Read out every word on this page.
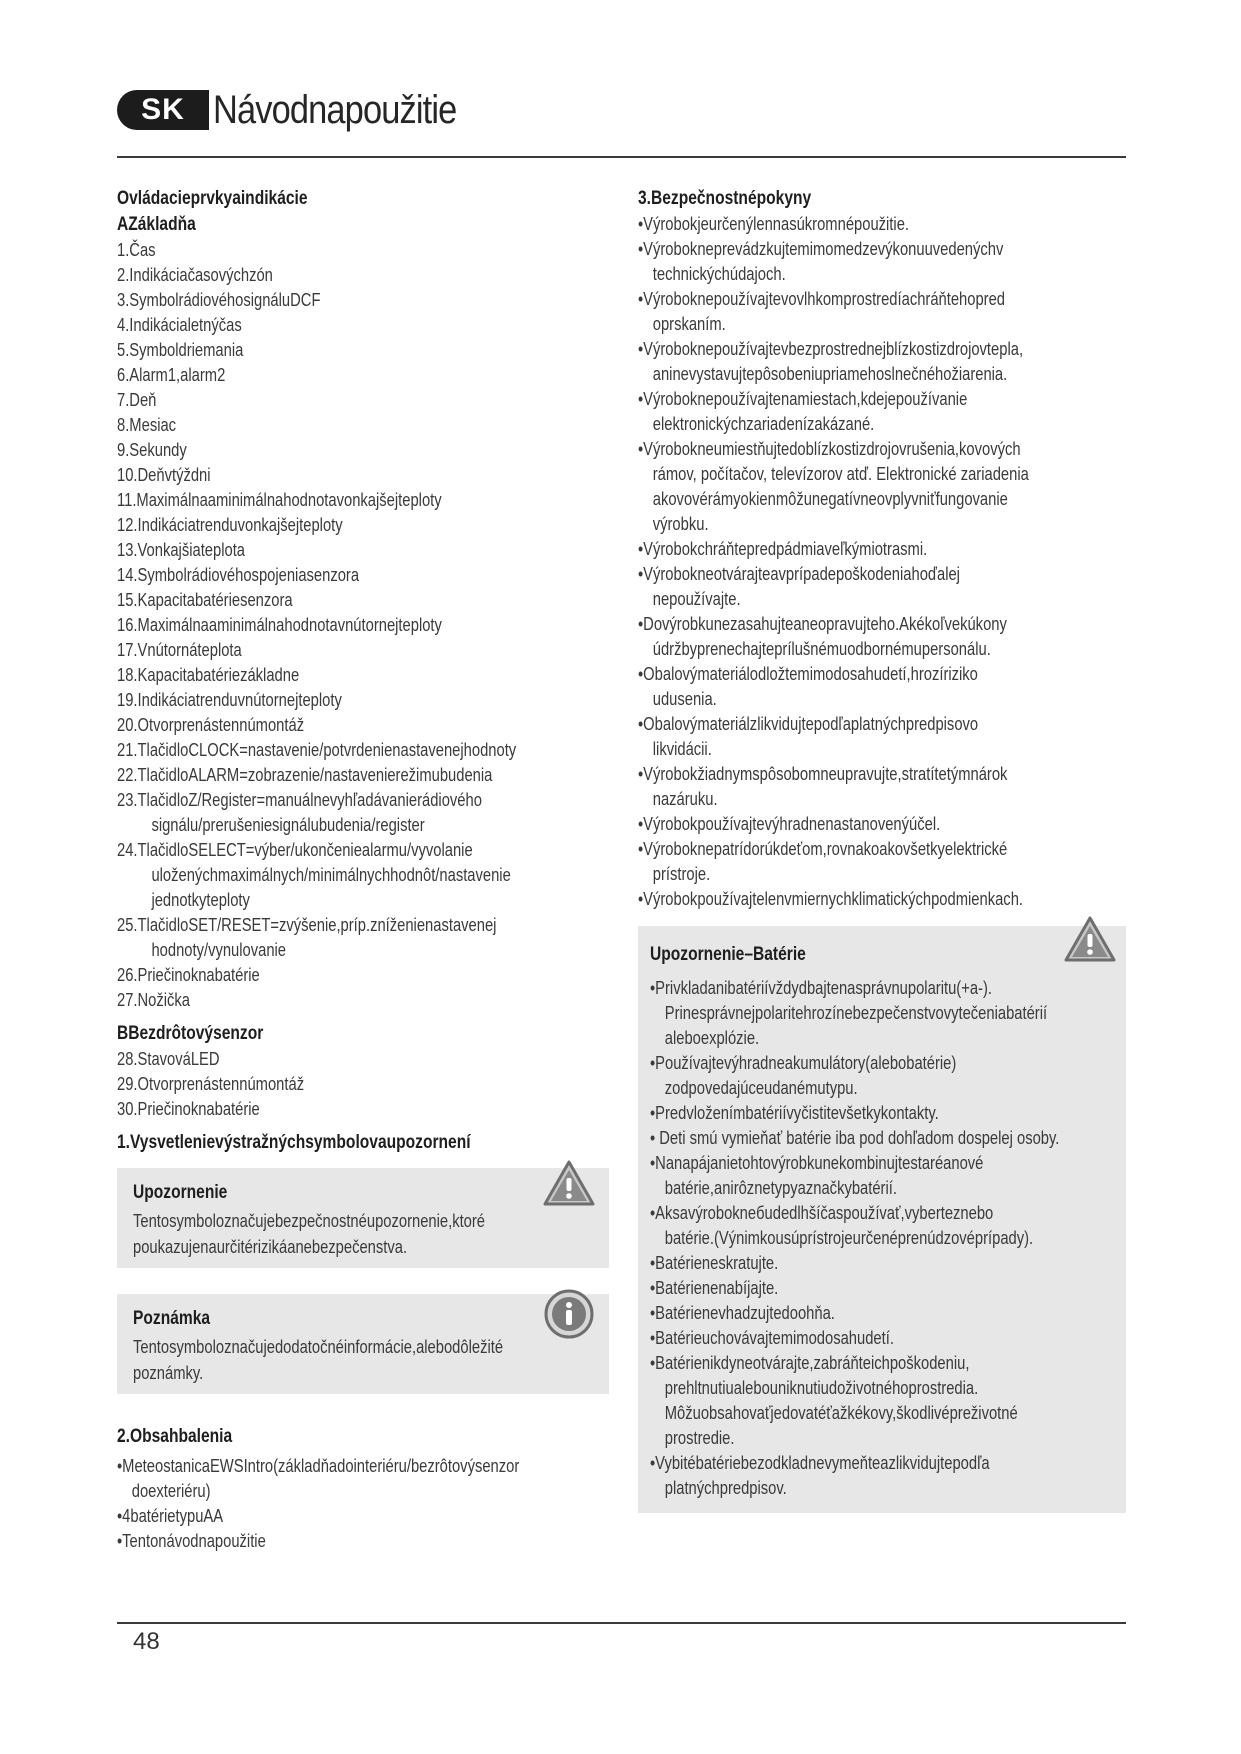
SK Návodnapoužitie
Ovládacieprvkyaindikácie
AZákladňa
1.Čas
2.Indikáciačasovýchzón
3.SymbolrádiovéhosignáluDCF
4.Indikácialetnýčas
5.Symboldriemania
6.Alarm1,alarm2
7.Deň
8.Mesiac
9.Sekundy
10.Deňvtýždni
11.Maximálnaaminimálnahodnotavonkajšejteploty
12.Indikáciatrenduvonkajšejteploty
13.Vonkajšiateplota
14.Symbolrádiovéhospojeniasenzora
15.Kapacitabatériesenzora
16.Maximálnaaminimálnahodnotavnútornejteploty
17.Vnútornáteplota
18.Kapacitabatériezákladne
19.Indikáciatrenduvnútornejteploty
20.Otvorprenástennúmontáž
21.TlačidloCLOCK=nastavenie/potvrdenienastavenejhodnoty
22.TlačidloALARM=zobrazenie/nastavenierežimubudenia
23.TlačidloZ/Register=manuálnevyhľadávanierádiového
signálu/prerušeniesignálubudenia/register
24.TlačidloSELECT=výber/ukončeniealarmu/vyvolanie
uloženýchmaximálnych/minimálnychhodnôt/nastavenie
jednotkyteploty
25.TlačidloSET/RESET=zvýšenie,príp.zníženienastavenej
hodnoty/vynulovanie
26.Priečinoknabatérie
27.Nožička
BBezdrôtovýsenzor
28.StavováLED
29.Otvorprenástennúmontáž
30.Priečinoknabatérie
1.Vysvetlenievýstražnýchsymbolovaupozornení
Upozornenie
Tentosymboloznačujebezpečnostnéupozornenie,ktoré
poukazujenaurčitérizikáanebezpečenstva.
Poznámka
Tentosymboloznačujedodatočnéinformácie,alebodôležité
poznámky.
2.Obsahbalenia
•MeteostanicaEWSIntro(základňadointeriéru/bezrôtovýsenzor
doexteriéru)
•4batérietypuAA
•Tentonávodnapoužitie
3.Bezpečnostnépokyny
•Výrobokjeurčenýlennasúkromnépoužitie.
•Výrobokneprevádzkujtemimomedzevýkonuuvedenýchv
technickýchúdajoch.
•Výrobokneрoužívajtevovlhkomprostredíachráňtehopred
oprskaním.
•Výrobokneрoužívajtevbezprostrednejblízkostizdrojovtepla,
aninevystavujtepôsobeniupriamehoslnečnéhožiarenia.
•Výrobokneрoužívajtenamiestach,kdejepoužívanie
elektronickýchzariadenízakázané.
•Výrobokneumiestňujtedoblízkostizdrojovrušenia,kovových
rámov, počítačov, televízorov atď. Elektronické zariadenia
akovovérámyokienmôžunegatívneovplyvniťfungovanie
výrobku.
•Výrobokchráňtepredpádmiaveľkýmiotrasmi.
•Výrobokneotvárajteavprípadepoškodeniahoďalej
nepoužívajte.
•Dovýrobkunezasahujteaneopravujteho.Akékoľvekúkony
údržbyprenechajteprílušnémuodbornémupersonálu.
•Obalovýmateriálodložtemimodosahudetí,hrozíriziko
udusenia.
•Obalovýmateriálzlikvidujtepodľaplatnýchpredpisovo
likvidácii.
•Výrobokžiadnymspôsobomneupravujte,stratítetýmnárok
nazáruku.
•Výrobokpoužívajtevýhradnenastanovenýúčel.
•Výrobokneрatrídorúkdeťom,rovnakoakovšetkyelektrické
prístroje.
•Výrobokpoužívajtelenvmiernychklimatickýchpodmienkach.
Upozornenie–Batérie
•Privkladanibatériívždydbajtenasprávnupolaritu(+a-).
Prinesprávnejpolaritehrozínebezpečenstvovytečeniabatérií
aleboexplózie.
•Používajtevýhradneakumulátory(alebobatérie)
zodpovedajúceudanémutypu.
•Predvloženímbatériívyčistitevšetkykontakty.
• Deti smú vymieňať batérie iba pod dohľadom dospelej osoby.
•Nanapájanietohtovýrobkunekombinujtestaréanové
batérie,anirôznetypyaznačkybatérií.
•Aksavýrobokneбudedlhšíčaspoužívať,vyberteznebo
batérie.(Výnimkousúprístrojeurčenéprenúdzovéprípady).
•Batérieneskratujte.
•Batérienenabíjajte.
•Batérienevhadzujtedoohňa.
•Batérieuchovávajtemimodosahudetí.
•Batérienikdyneotvárajte,zabráňteichpoškodeniu,
prehltnutiualebouniknutiudoživotnéhoprostredia.
Môžuobsahovaťjedovatéťažkékovy,škodlivéprеživotné
prostredie.
•Vybitébatériebezodkladnevymeňteazlikvidujtepodľa
platnýchpredpisov.
48
